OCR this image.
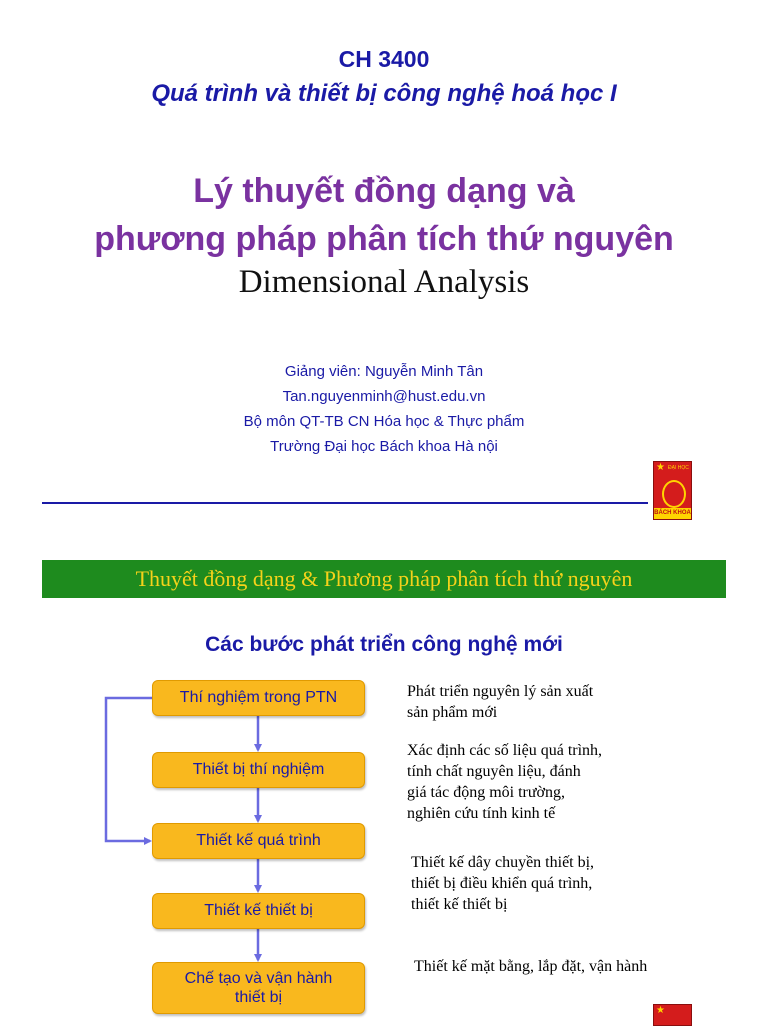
CH 3400
Quá trình và thiết bị công nghệ hoá học I
Lý thuyết đồng dạng và
phương pháp phân tích thứ nguyên
Dimensional Analysis
Giảng viên: Nguyễn Minh Tân
Tan.nguyenminh@hust.edu.vn
Bộ môn QT-TB CN Hóa học & Thực phẩm
Trường Đại học Bách khoa Hà nội
★ ĐẠI HỌC
BÁCH KHOA
Thuyết đồng dạng & Phương pháp phân tích thứ nguyên
Các bước phát triển công nghệ mới
Thí nghiệm trong PTN
Thiết bị thí nghiệm
Thiết kế quá trình
Thiết kế thiết bị
Chế tạo và vận hành
thiết bị
Phát triển nguyên lý sản xuất
sản phẩm mới
Xác định các số liệu quá trình,
tính chất nguyên liệu, đánh
giá tác động môi trường,
nghiên cứu tính kinh tế
Thiết kế dây chuyền thiết bị,
thiết bị điều khiển quá trình,
thiết kế thiết bị
Thiết kế mặt bằng, lắp đặt, vận hành
★
